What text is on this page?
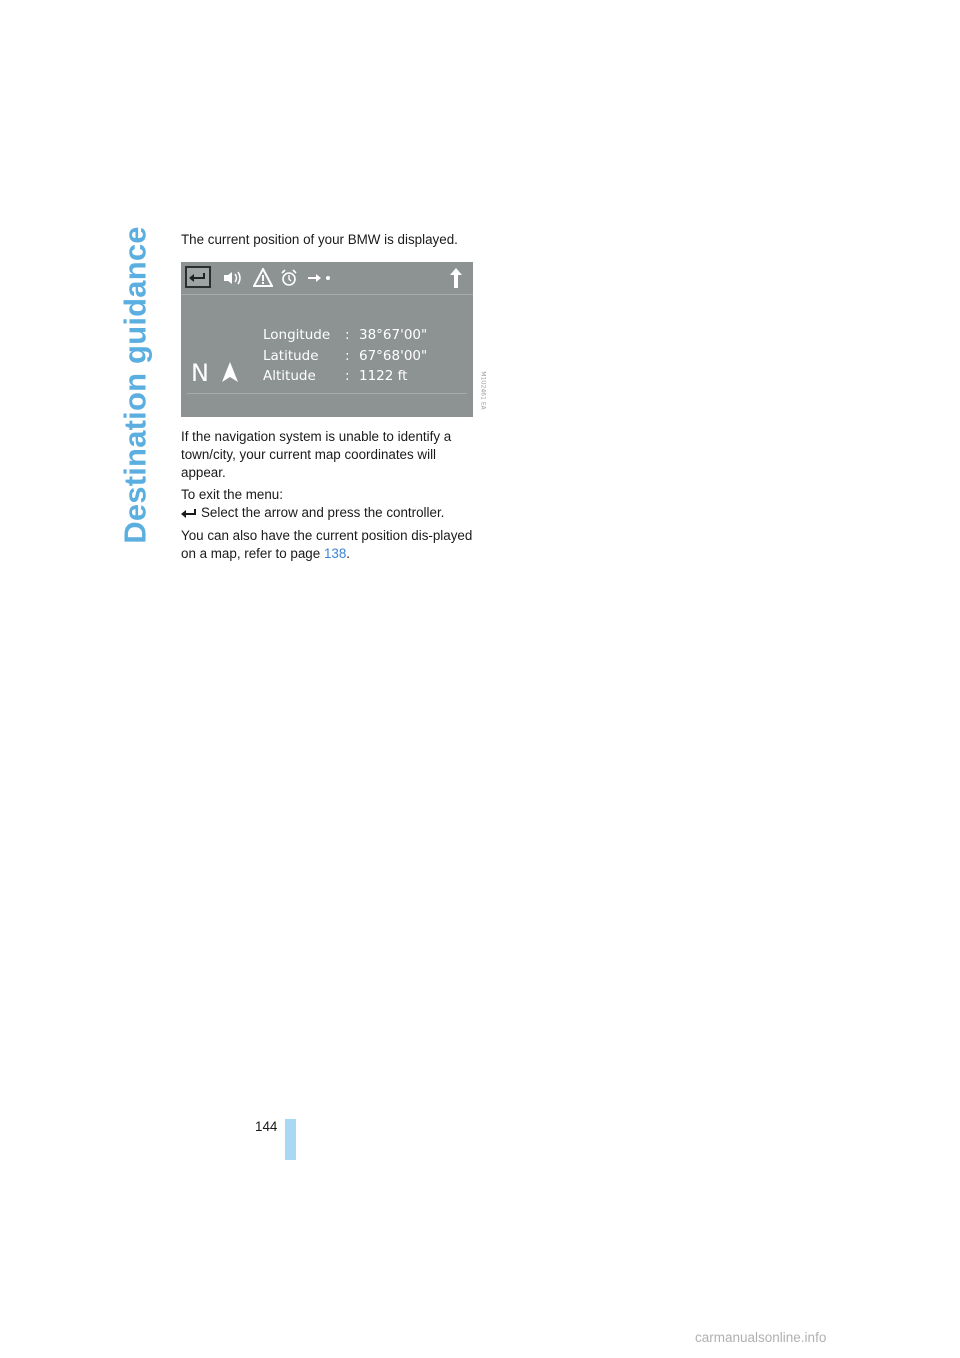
Destination guidance The current position of your BMW is displayed.
Longitude	: 38°67'00"
Latitude	: 67°68'00"
Altitude	: 1122 ft
N	M1U2461 EA
If the navigation system is unable to identify a town/city, your current map coordinates will appear.
To exit the menu:
Select the arrow and press the controller.
You can also have the current position dis-played on a map, refer to page 138.
144
carmanualsonline.info
